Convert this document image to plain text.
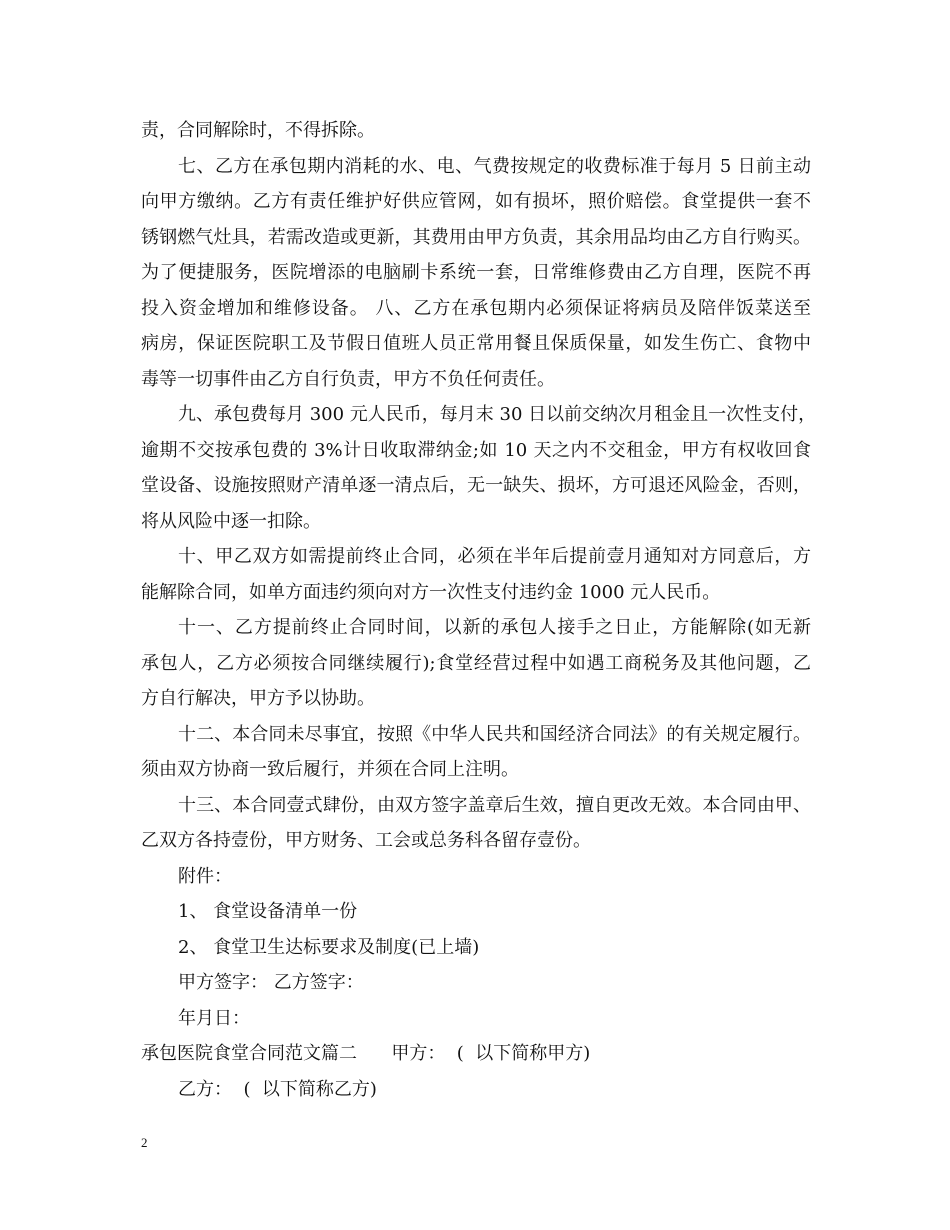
责，合同解除时，不得拆除。
七、乙方在承包期内消耗的水、电、气费按规定的收费标准于每月 5 日前主动
向甲方缴纳。乙方有责任维护好供应管网，如有损坏，照价赔偿。食堂提供一套不
锈钢燃气灶具，若需改造或更新，其费用由甲方负责，其余用品均由乙方自行购买。
为了便捷服务，医院增添的电脑刷卡系统一套，日常维修费由乙方自理，医院不再
投入资金增加和维修设备。 八、乙方在承包期内必须保证将病员及陪伴饭菜送至
病房，保证医院职工及节假日值班人员正常用餐且保质保量，如发生伤亡、食物中
毒等一切事件由乙方自行负责，甲方不负任何责任。
九、承包费每月 300 元人民币，每月末 30 日以前交纳次月租金且一次性支付，
逾期不交按承包费的 3%计日收取滞纳金;如 10 天之内不交租金，甲方有权收回食
堂设备、设施按照财产清单逐一清点后，无一缺失、损坏，方可退还风险金，否则，
将从风险中逐一扣除。
十、甲乙双方如需提前终止合同，必须在半年后提前壹月通知对方同意后，方
能解除合同，如单方面违约须向对方一次性支付违约金 1000 元人民币。
十一、乙方提前终止合同时间，以新的承包人接手之日止，方能解除(如无新
承包人，乙方必须按合同继续履行);食堂经营过程中如遇工商税务及其他问题，乙
方自行解决，甲方予以协助。
十二、本合同未尽事宜，按照《中华人民共和国经济合同法》的有关规定履行。
须由双方协商一致后履行，并须在合同上注明。
十三、本合同壹式肆份，由双方签字盖章后生效，擅自更改无效。本合同由甲、
乙双方各持壹份，甲方财务、工会或总务科各留存壹份。
附件：
1、 食堂设备清单一份
2、 食堂卫生达标要求及制度(已上墙)
甲方签字： 乙方签字：
年月日：
承包医院食堂合同范文篇二      甲方：  (  以下简称甲方)
乙方：  (  以下简称乙方)
2
